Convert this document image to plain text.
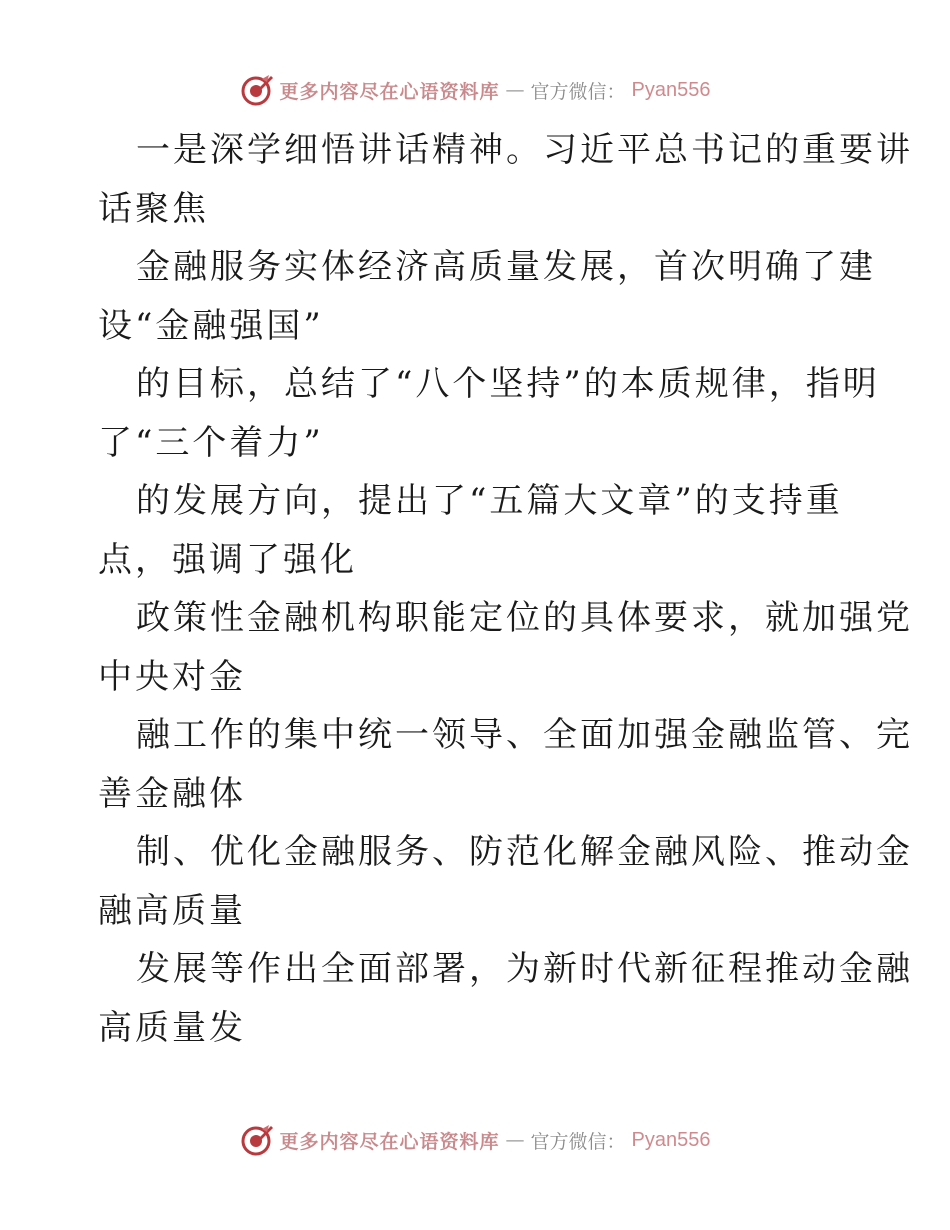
更多内容尽在心语资料库 — 官方微信： Pyan556
一是深学细悟讲话精神。习近平总书记的重要讲
话聚焦
金融服务实体经济高质量发展，首次明确了建
设“金融强国”
的目标，总结了“八个坚持”的本质规律，指明
了“三个着力”
的发展方向，提出了“五篇大文章”的支持重
点，强调了强化
政策性金融机构职能定位的具体要求，就加强党
中央对金
融工作的集中统一领导、全面加强金融监管、完
善金融体
制、优化金融服务、防范化解金融风险、推动金
融高质量
发展等作出全面部署，为新时代新征程推动金融
高质量发
更多内容尽在心语资料库 — 官方微信： Pyan556
